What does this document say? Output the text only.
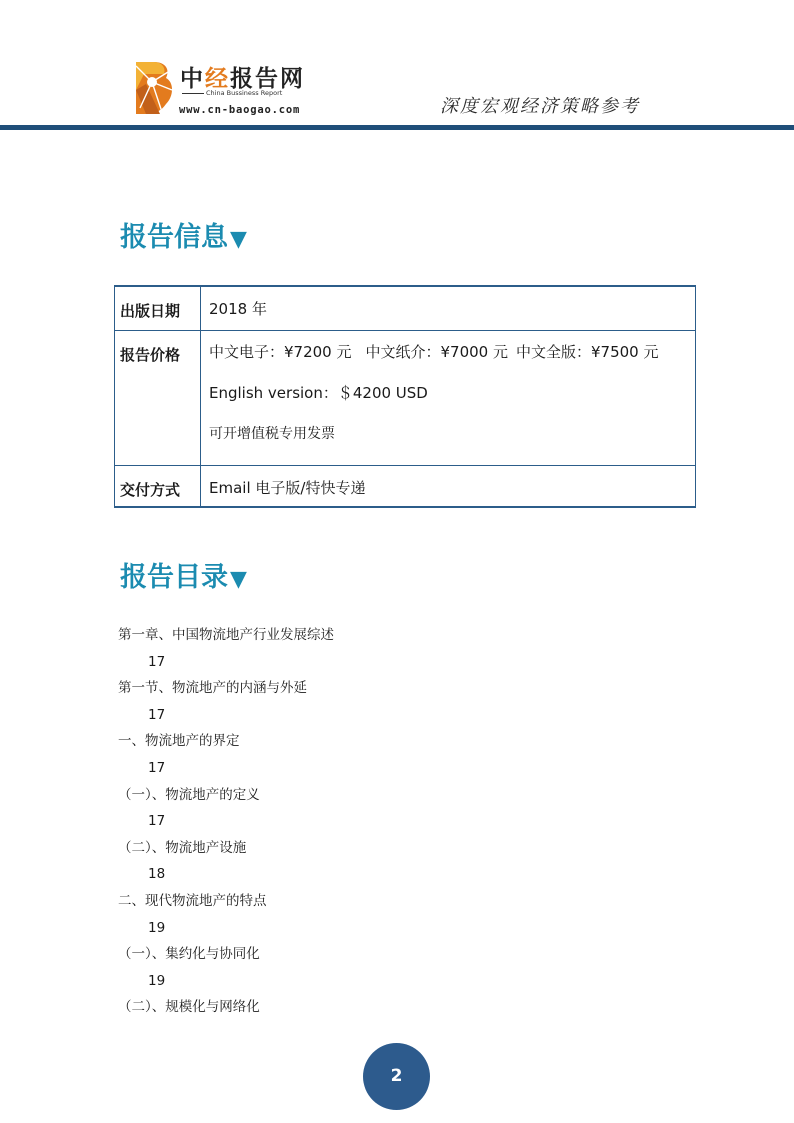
中经报告网
China Bussiness Report
www.cn-baogao.com	深度宏观经济策略参考
报告信息▼
出版日期	2018 年
报告价格	中文电子：¥7200 元 中文纸介：¥7000 元 中文全版：¥7500 元
English version：＄4200 USD
可开增值税专用发票

交付方式	Email 电子版/特快专递
报告目录▼
第一章、中国物流地产行业发展综述
17
第一节、物流地产的内涵与外延
17
一、物流地产的界定
17
（一）、物流地产的定义
17
（二）、物流地产设施
18
二、现代物流地产的特点
19
（一）、集约化与协同化
19
（二）、规模化与网络化
2
